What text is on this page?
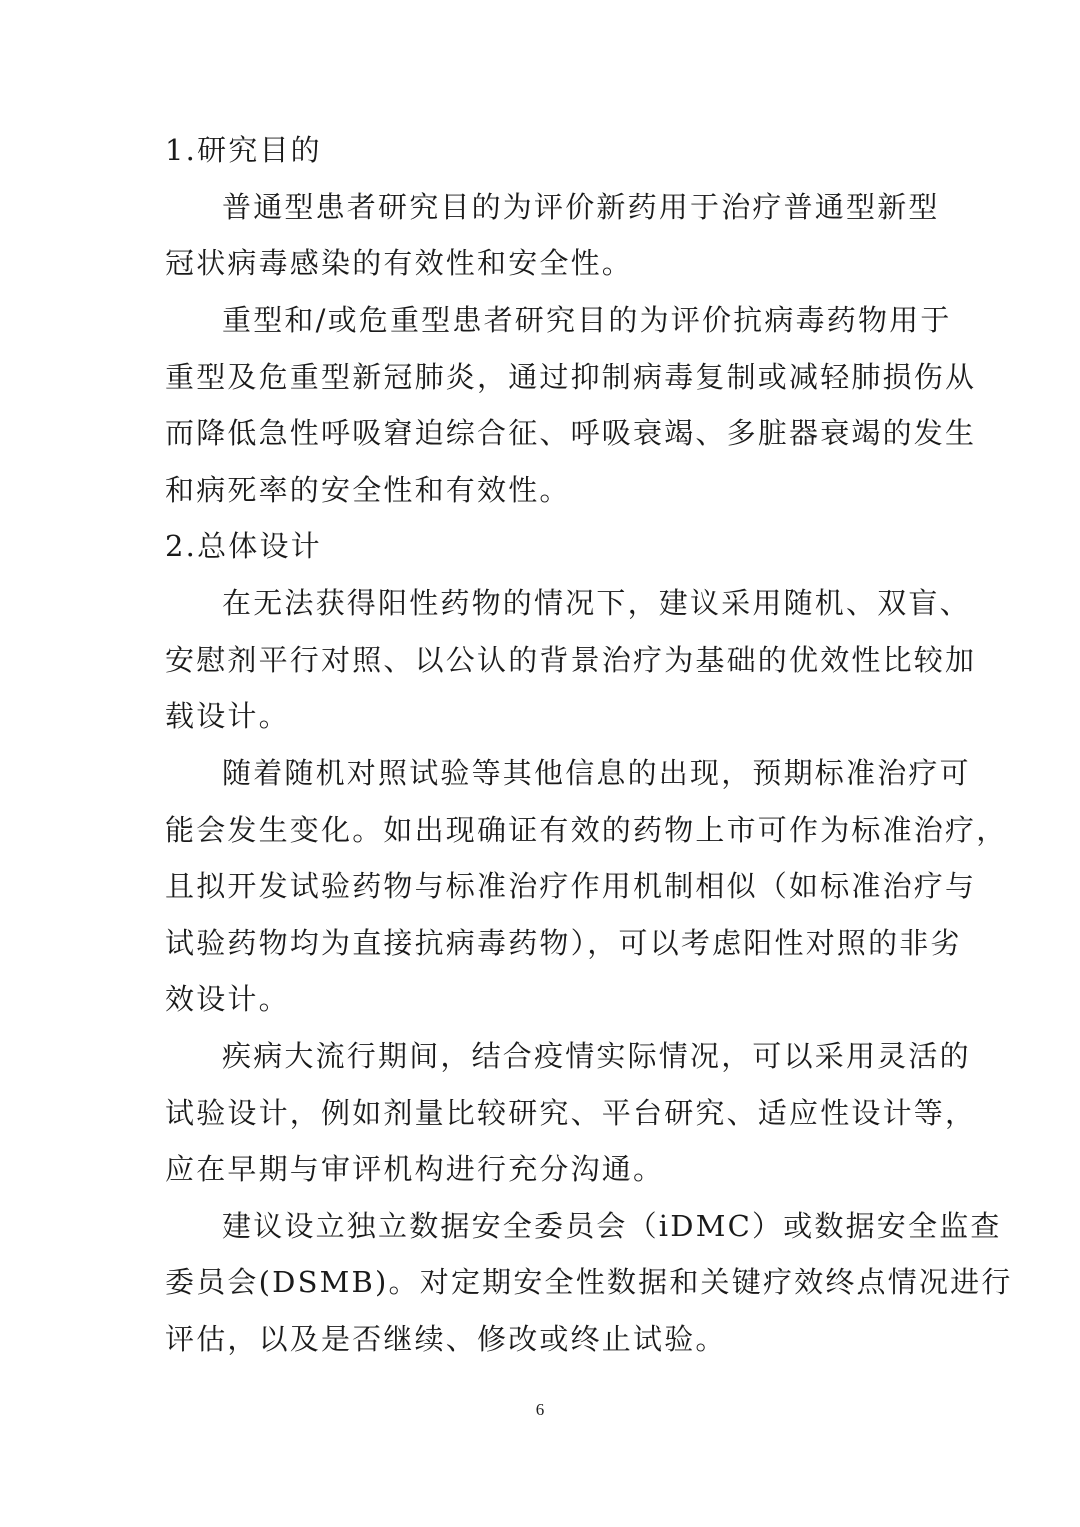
1.研究目的
普通型患者研究目的为评价新药用于治疗普通型新型
冠状病毒感染的有效性和安全性。
重型和/或危重型患者研究目的为评价抗病毒药物用于
重型及危重型新冠肺炎，通过抑制病毒复制或减轻肺损伤从
而降低急性呼吸窘迫综合征、呼吸衰竭、多脏器衰竭的发生
和病死率的安全性和有效性。
2.总体设计
在无法获得阳性药物的情况下，建议采用随机、双盲、
安慰剂平行对照、以公认的背景治疗为基础的优效性比较加
载设计。
随着随机对照试验等其他信息的出现，预期标准治疗可
能会发生变化。如出现确证有效的药物上市可作为标准治疗，
且拟开发试验药物与标准治疗作用机制相似（如标准治疗与
试验药物均为直接抗病毒药物），可以考虑阳性对照的非劣
效设计。
疾病大流行期间，结合疫情实际情况，可以采用灵活的
试验设计，例如剂量比较研究、平台研究、适应性设计等，
应在早期与审评机构进行充分沟通。
建议设立独立数据安全委员会（iDMC）或数据安全监查
委员会(DSMB)。对定期安全性数据和关键疗效终点情况进行
评估，以及是否继续、修改或终止试验。
6
